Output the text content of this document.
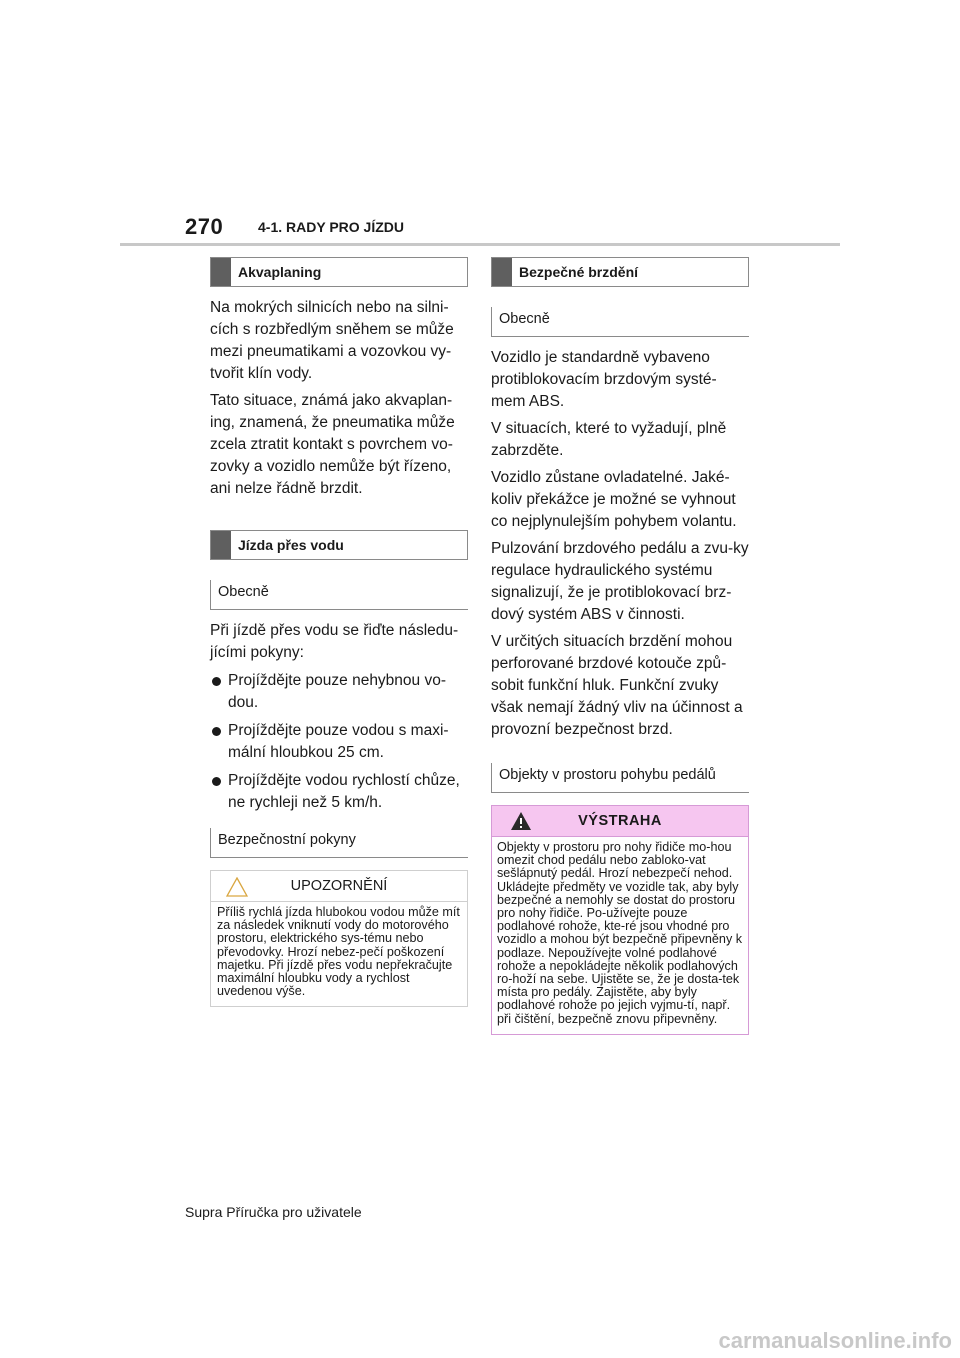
270 4-1. RADY PRO JÍZDU
Akvaplaning

Na mokrých silnicích nebo na silni-cích s rozbředlým sněhem se může mezi pneumatikami a vozovkou vy-tvořit klín vody.

Tato situace, známá jako akvaplan-ing, znamená, že pneumatika může zcela ztratit kontakt s povrchem vo-zovky a vozidlo nemůže být řízeno, ani nelze řádně brzdit.

Jízda přes vodu
Obecně

Při jízdě přes vodu se řiďte následu-jícími pokyny:

Projíždějte pouze nehybnou vo-dou.
Projíždějte pouze vodou s maxi-mální hloubkou 25 cm.
Projíždějte vodou rychlostí chůze, ne rychleji než 5 km/h.
Bezpečnostní pokyny
UPOZORNĚNÍ
Příliš rychlá jízda hlubokou vodou může mít za následek vniknutí vody do motorového prostoru, elektrického sys-tému nebo převodovky. Hrozí nebez-pečí poškození majetku. Při jízdě přes vodu nepřekračujte maximální hloubku vody a rychlost uvedenou výše.
Bezpečné brzdění
Obecně

Vozidlo je standardně vybaveno protiblokovacím brzdovým systé-mem ABS.

V situacích, které to vyžadují, plně zabrzděte.

Vozidlo zůstane ovladatelné. Jaké-koliv překážce je možné se vyhnout co nejplynulejším pohybem volantu.

Pulzování brzdového pedálu a zvu-ky regulace hydraulického systému signalizují, že je protiblokovací brz-dový systém ABS v činnosti.

V určitých situacích brzdění mohou perforované brzdové kotouče způ-sobit funkční hluk. Funkční zvuky však nemají žádný vliv na účinnost a provozní bezpečnost brzd.

Objekty v prostoru pohybu pedálů
VÝSTRAHA
Objekty v prostoru pro nohy řidiče mo-hou omezit chod pedálu nebo zabloko-vat sešlápnutý pedál. Hrozí nebezpečí nehod. Ukládejte předměty ve vozidle tak, aby byly bezpečné a nemohly se dostat do prostoru pro nohy řidiče. Po-užívejte pouze podlahové rohože, kte-ré jsou vhodné pro vozidlo a mohou být bezpečně připevněny k podlaze. Nepoužívejte volné podlahové rohože a nepokládejte několik podlahových ro-hoží na sebe. Ujistěte se, že je dosta-tek místa pro pedály. Zajistěte, aby byly podlahové rohože po jejich vyjmu-tí, např. při čištění, bezpečně znovu připevněny.
Supra Příručka pro uživatele
carmanualsonline.info
